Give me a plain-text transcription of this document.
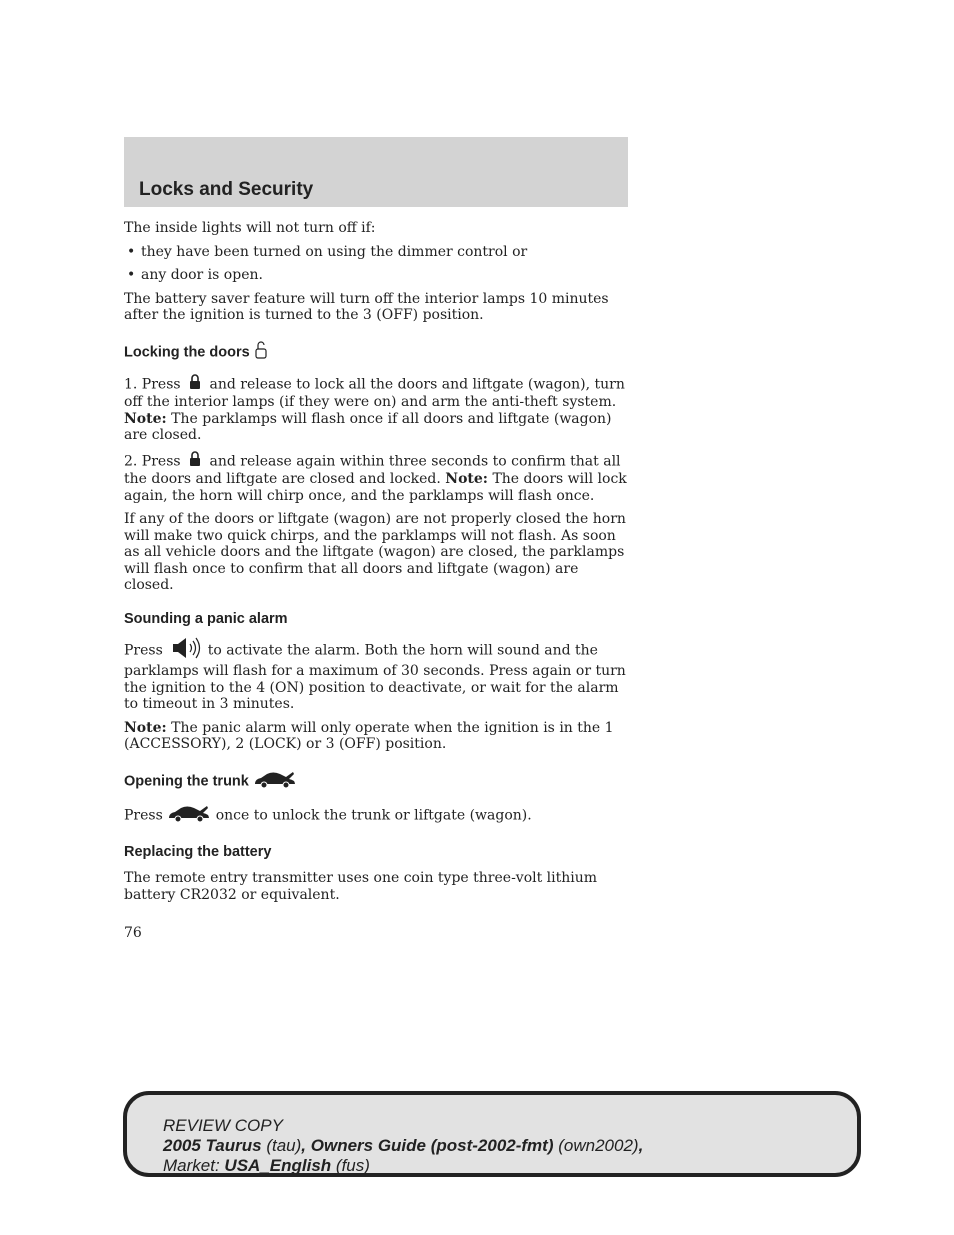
Locks and Security

The inside lights will not turn off if:

• they have been turned on using the dimmer control or
• any door is open.

The battery saver feature will turn off the interior lamps 10 minutes after the ignition is turned to the 3 (OFF) position.

Locking the doors

1. Press and release to lock all the doors and liftgate (wagon), turn off the interior lamps (if they were on) and arm the anti-theft system. Note: The parklamps will flash once if all doors and liftgate (wagon) are closed.

2. Press and release again within three seconds to confirm that all the doors and liftgate are closed and locked. Note: The doors will lock again, the horn will chirp once, and the parklamps will flash once.

If any of the doors or liftgate (wagon) are not properly closed the horn will make two quick chirps, and the parklamps will not flash. As soon as all vehicle doors and the liftgate (wagon) are closed, the parklamps will flash once to confirm that all doors and liftgate (wagon) are closed.

Sounding a panic alarm

Press	to activate the alarm. Both the horn will sound and the parklamps will flash for a maximum of 30 seconds. Press again or turn the ignition to the 4 (ON) position to deactivate, or wait for the alarm to timeout in 3 minutes.

Note: The panic alarm will only operate when the ignition is in the 1 (ACCESSORY), 2 (LOCK) or 3 (OFF) position.

Opening the trunk

Press	once to unlock the trunk or liftgate (wagon).

Replacing the battery

The remote entry transmitter uses one coin type three-volt lithium battery CR2032 or equivalent.

76
REVIEW COPY
2005 Taurus (tau), Owners Guide (post-2002-fmt) (own2002),
Market: USA_English (fus)
